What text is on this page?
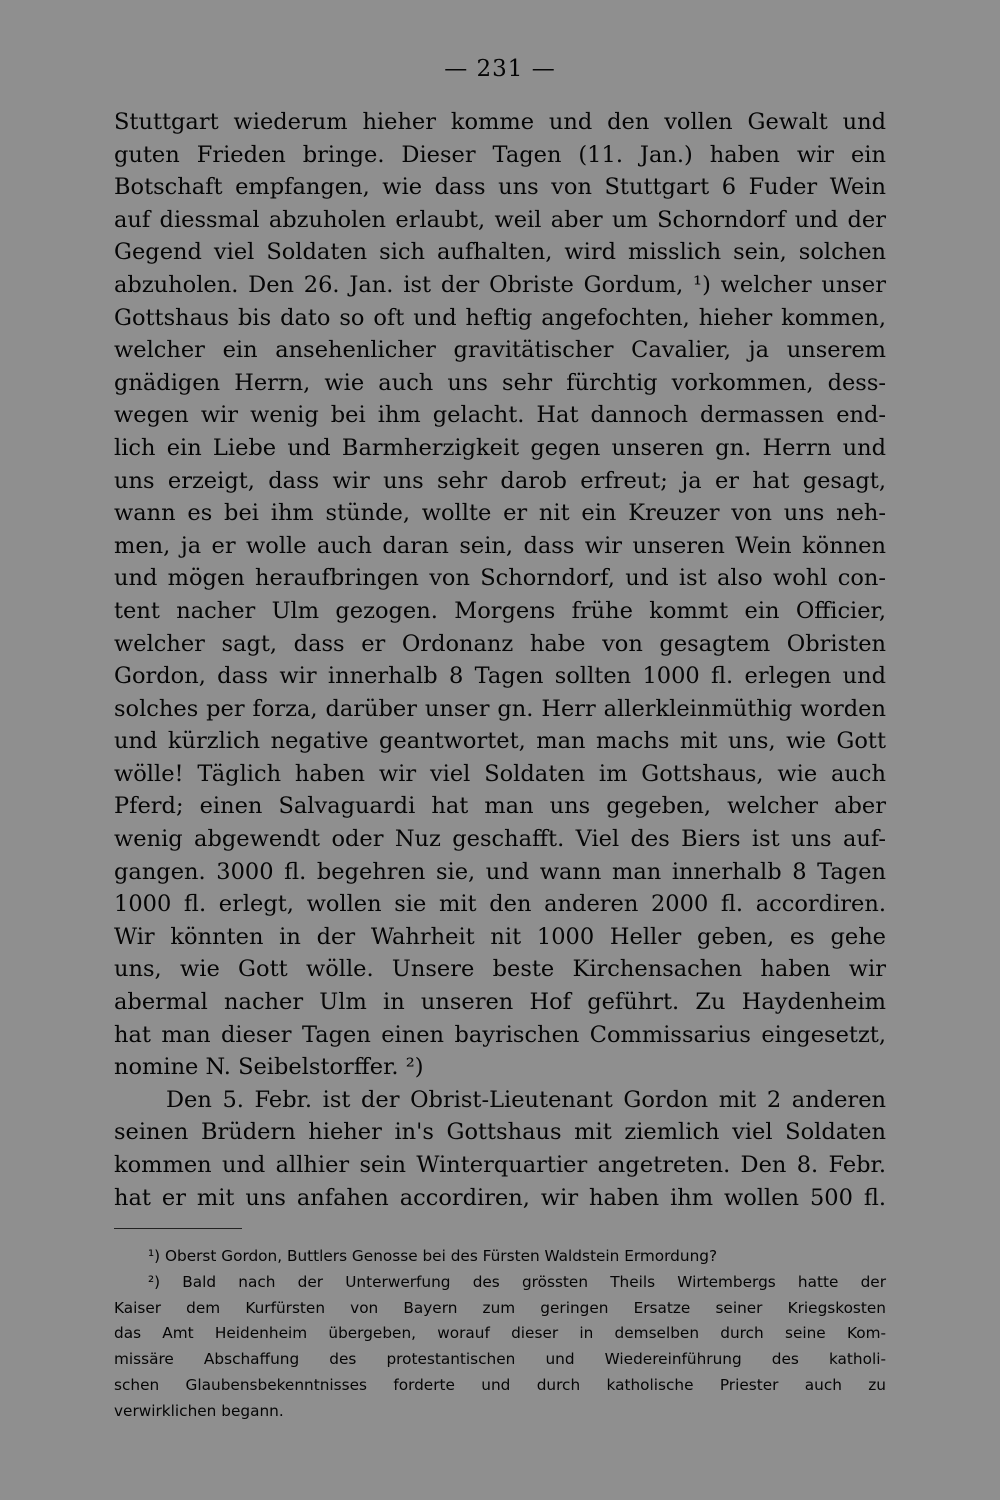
— 231 —
Stuttgart wiederum hieher komme und den vollen Gewalt und
guten Frieden bringe. Dieser Tagen (11. Jan.) haben wir ein
Botschaft empfangen, wie dass uns von Stuttgart 6 Fuder Wein
auf diessmal abzuholen erlaubt, weil aber um Schorndorf und der
Gegend viel Soldaten sich aufhalten, wird misslich sein, solchen
abzuholen. Den 26. Jan. ist der Obriste Gordum, ¹) welcher unser
Gottshaus bis dato so oft und heftig angefochten, hieher kommen,
welcher ein ansehenlicher gravitätischer Cavalier, ja unserem
gnädigen Herrn, wie auch uns sehr fürchtig vorkommen, dess-
wegen wir wenig bei ihm gelacht. Hat dannoch dermassen end-
lich ein Liebe und Barmherzigkeit gegen unseren gn. Herrn und
uns erzeigt, dass wir uns sehr darob erfreut; ja er hat gesagt,
wann es bei ihm stünde, wollte er nit ein Kreuzer von uns neh-
men, ja er wolle auch daran sein, dass wir unseren Wein können
und mögen heraufbringen von Schorndorf, und ist also wohl con-
tent nacher Ulm gezogen. Morgens frühe kommt ein Officier,
welcher sagt, dass er Ordonanz habe von gesagtem Obristen
Gordon, dass wir innerhalb 8 Tagen sollten 1000 fl. erlegen und
solches per forza, darüber unser gn. Herr allerkleinmüthig worden
und kürzlich negative geantwortet, man machs mit uns, wie Gott
wölle! Täglich haben wir viel Soldaten im Gottshaus, wie auch
Pferd; einen Salvaguardi hat man uns gegeben, welcher aber
wenig abgewendt oder Nuz geschafft. Viel des Biers ist uns auf-
gangen. 3000 fl. begehren sie, und wann man innerhalb 8 Tagen
1000 fl. erlegt, wollen sie mit den anderen 2000 fl. accordiren.
Wir könnten in der Wahrheit nit 1000 Heller geben, es gehe
uns, wie Gott wölle. Unsere beste Kirchensachen haben wir
abermal nacher Ulm in unseren Hof geführt. Zu Haydenheim
hat man dieser Tagen einen bayrischen Commissarius eingesetzt,
nomine N. Seibelstorffer. ²)
Den 5. Febr. ist der Obrist-Lieutenant Gordon mit 2 anderen
seinen Brüdern hieher in's Gottshaus mit ziemlich viel Soldaten
kommen und allhier sein Winterquartier angetreten. Den 8. Febr.
hat er mit uns anfahen accordiren, wir haben ihm wollen 500 fl.
¹) Oberst Gordon, Buttlers Genosse bei des Fürsten Waldstein Ermordung?
²) Bald nach der Unterwerfung des grössten Theils Wirtembergs hatte der
Kaiser dem Kurfürsten von Bayern zum geringen Ersatze seiner Kriegskosten
das Amt Heidenheim übergeben, worauf dieser in demselben durch seine Kom-
missäre Abschaffung des protestantischen und Wiedereinführung des katholi-
schen Glaubensbekenntnisses forderte und durch katholische Priester auch zu
verwirklichen begann.
